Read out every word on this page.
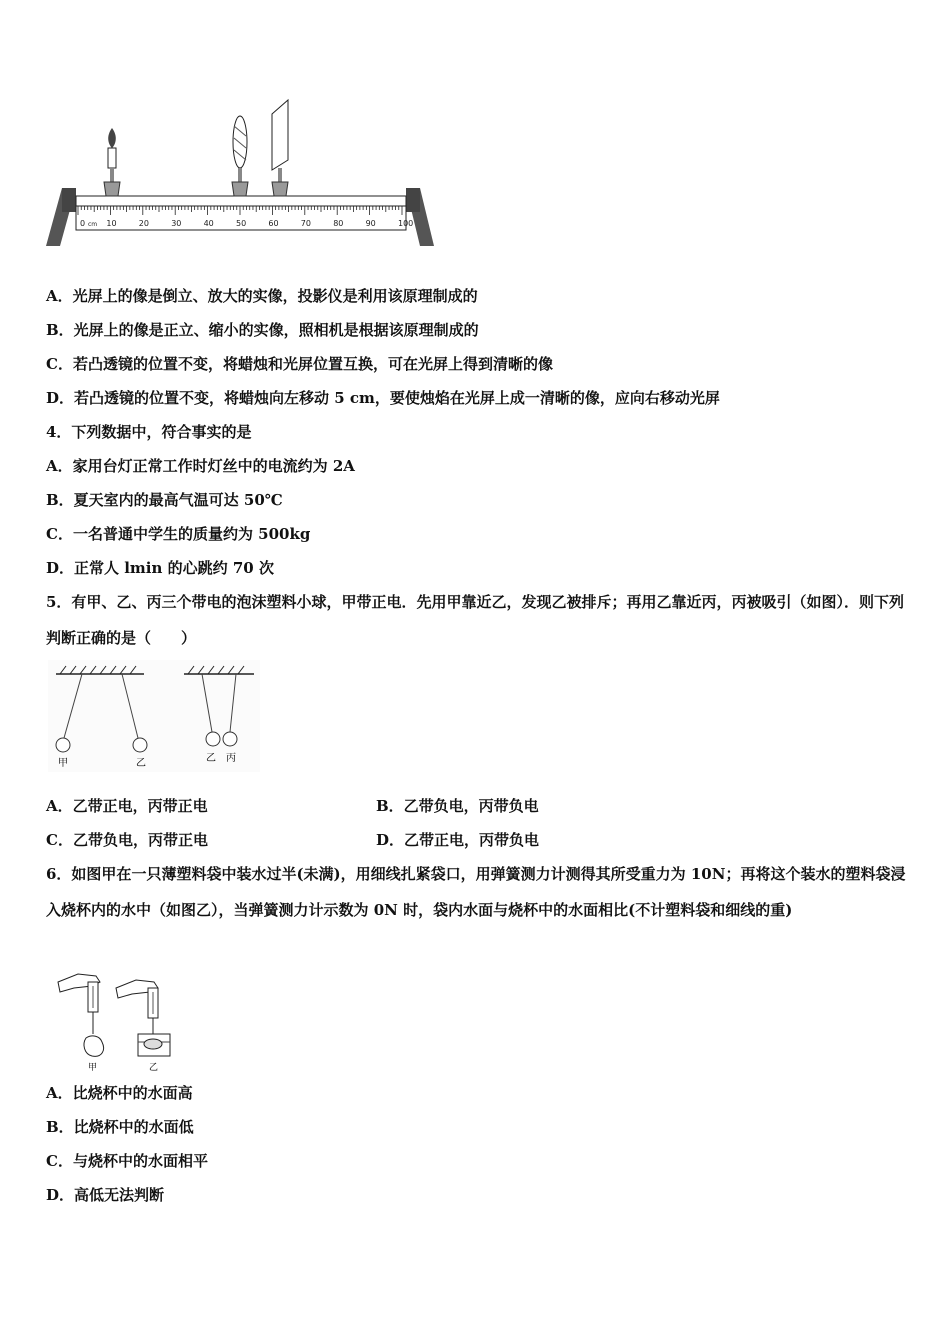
0	10	20	30	40	50	60	70	80	90	100
cm
A．光屏上的像是倒立、放大的实像，投影仪是利用该原理制成的
B．光屏上的像是正立、缩小的实像，照相机是根据该原理制成的
C．若凸透镜的位置不变，将蜡烛和光屏位置互换，可在光屏上得到清晰的像
D．若凸透镜的位置不变，将蜡烛向左移动 5 cm，要使烛焰在光屏上成一清晰的像，应向右移动光屏
4．下列数据中，符合事实的是
A．家用台灯正常工作时灯丝中的电流约为 2A
B．夏天室内的最高气温可达 50℃
C．一名普通中学生的质量约为 500kg
D．正常人 lmin 的心跳约 70 次
5．有甲、乙、丙三个带电的泡沫塑料小球，甲带正电．先用甲靠近乙，发现乙被排斥；再用乙靠近丙，丙被吸引（如图）．则下列判断正确的是（　　）
甲	乙	乙 丙
A．乙带正电，丙带正电	B．乙带负电，丙带负电
C．乙带负电，丙带正电	D．乙带正电，丙带负电
6．如图甲在一只薄塑料袋中装水过半(未满)，用细线扎紧袋口，用弹簧测力计测得其所受重力为 10N；再将这个装水的塑料袋浸入烧杯内的水中（如图乙），当弹簧测力计示数为 0N 时，袋内水面与烧杯中的水面相比(不计塑料袋和细线的重)
甲	乙
A．比烧杯中的水面高
B．比烧杯中的水面低
C．与烧杯中的水面相平
D．高低无法判断
